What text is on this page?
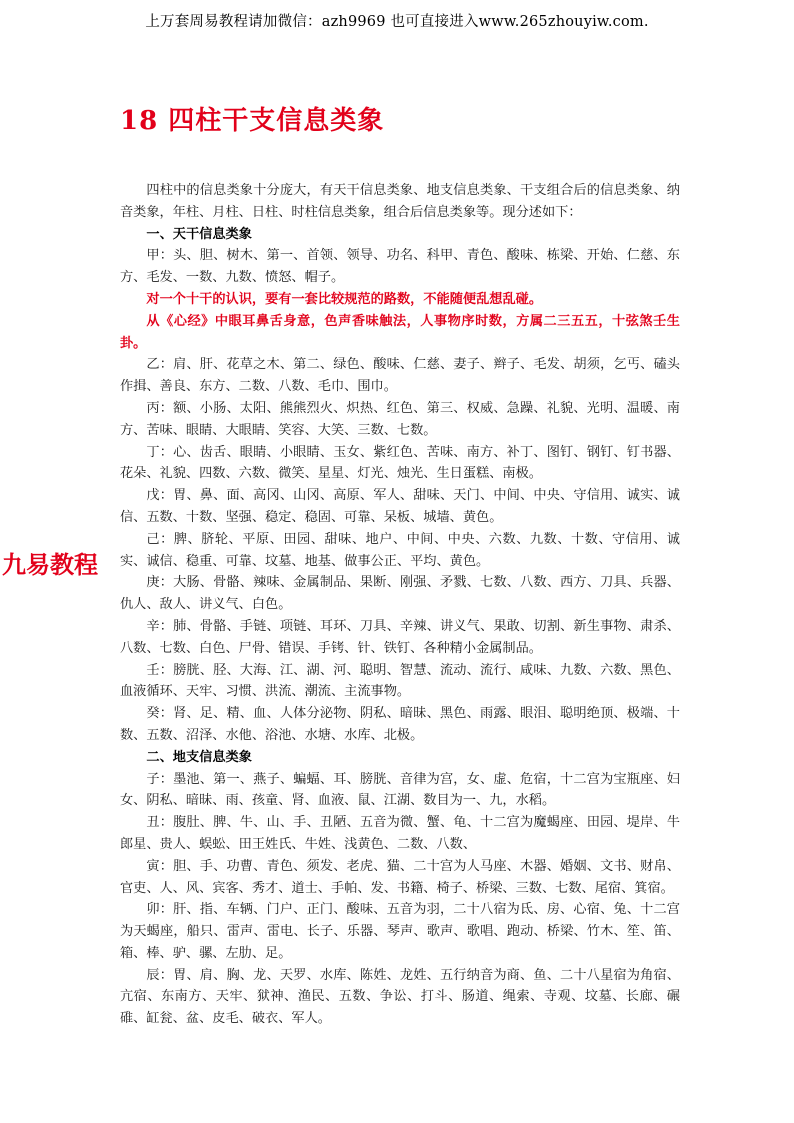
上万套周易教程请加微信：azh9969 也可直接进入www.265zhouyiw.com.
18 四柱干支信息类象
九易教程

四柱中的信息类象十分庞大，有天干信息类象、地支信息类象、干支组合后的信息类象、纳音类象，年柱、月柱、日柱、时柱信息类象，组合后信息类象等。现分述如下：

一、天干信息类象

甲：头、胆、树木、第一、首领、领导、功名、科甲、青色、酸味、栋梁、开始、仁慈、东方、毛发、一数、九数、愤怒、帽子。

对一个十干的认识，要有一套比较规范的路数，不能随便乱想乱碰。

从《心经》中眼耳鼻舌身意，色声香味触法，人事物序时数，方属二三五五，十弦煞壬生卦。

乙：肩、肝、花草之木、第二、绿色、酸味、仁慈、妻子、辫子、毛发、胡须，乞丐、磕头作揖、善良、东方、二数、八数、毛巾、围巾。

丙：额、小肠、太阳、熊熊烈火、炽热、红色、第三、权威、急躁、礼貌、光明、温暖、南方、苦味、眼睛、大眼睛、笑容、大笑、三数、七数。

丁：心、齿舌、眼睛、小眼睛、玉女、紫红色、苦味、南方、补丁、图钉、钢钉、钉书器、花朵、礼貌、四数、六数、微笑、星星、灯光、烛光、生日蛋糕、南极。

戊：胃、鼻、面、高冈、山冈、高原、军人、甜味、天门、中间、中央、守信用、诚实、诚信、五数、十数、坚强、稳定、稳固、可靠、呆板、城墙、黄色。

己：脾、脐轮、平原、田园、甜味、地户、中间、中央、六数、九数、十数、守信用、诚实、诚信、稳重、可靠、坟墓、地基、做事公正、平均、黄色。

庚：大肠、骨骼、辣味、金属制品、果断、刚强、矛戮、七数、八数、西方、刀具、兵器、仇人、敌人、讲义气、白色。

辛：肺、骨骼、手链、项链、耳环、刀具、辛辣、讲义气、果敢、切割、新生事物、肃杀、八数、七数、白色、尸骨、错误、手铐、针、铁钉、各种精小金属制品。

壬：膀胱、胫、大海、江、湖、河、聪明、智慧、流动、流行、咸味、九数、六数、黑色、血液循环、天牢、习惯、洪流、潮流、主流事物。

癸：肾、足、精、血、人体分泌物、阴私、暗昧、黑色、雨露、眼泪、聪明绝顶、极端、十数、五数、沼泽、水他、浴池、水塘、水库、北极。

二、地支信息类象

子：墨池、第一、燕子、蝙蝠、耳、膀胱、音律为宫，女、虚、危宿，十二宫为宝瓶座、妇女、阴私、暗昧、雨、孩童、肾、血液、鼠、江湖、数目为一、九，水稻。

丑：腹肚、脾、牛、山、手、丑陋、五音为微、蟹、龟、十二宫为魔蝎座、田园、堤岸、牛郎星、贵人、蜈蚣、田王姓氏、牛姓、浅黄色、二数、八数、

寅：胆、手、功曹、青色、须发、老虎、猫、二十宫为人马座、木器、婚姻、文书、财帛、官吏、人、风、宾客、秀才、道士、手帕、发、书籍、椅子、桥梁、三数、七数、尾宿、箕宿。

卯：肝、指、车辆、门户、正门、酸味、五音为羽，二十八宿为氐、房、心宿、兔、十二宫为天蝎座，船只、雷声、雷电、长子、乐器、琴声、歌声、歌唱、跑动、桥梁、竹木、笙、笛、箱、棒、驴、骡、左肋、足。

辰：胃、肩、胸、龙、天罗、水库、陈姓、龙姓、五行纳音为商、鱼、二十八星宿为角宿、亢宿、东南方、天牢、狱神、渔民、五数、争讼、打斗、肠道、绳索、寺观、坟墓、长廊、碾碓、缸瓮、盆、皮毛、破衣、军人。
